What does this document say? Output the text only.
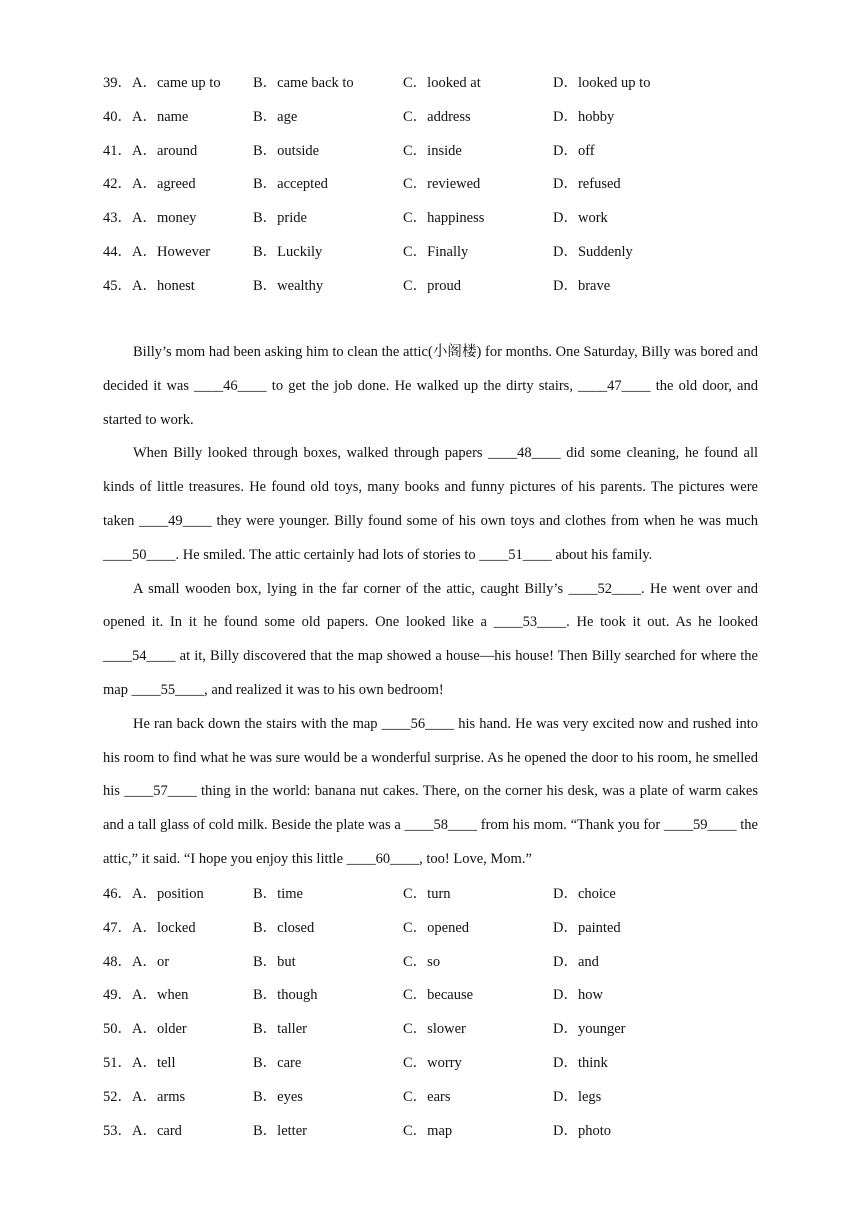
39．A．came up to B．came back to	C．looked at	D．looked up to
40．A．name	B．age	C．address	D．hobby
41．A．around	B．outside	C．inside	D．off
42．A．agreed	B．accepted	C．reviewed	D．refused
43．A．money	B．pride	C．happiness	D．work
44．A．However	B．Luckily	C．Finally	D．Suddenly
45．A．honest	B．wealthy	C．proud	D．brave

Billy’s mom had been asking him to clean the attic(小阁楼) for months. One Saturday, Billy was bored and decided it was ____46____ to get the job done. He walked up the dirty stairs, ____47____ the old door, and started to work.

When Billy looked through boxes, walked through papers ____48____ did some cleaning, he found all kinds of little treasures. He found old toys, many books and funny pictures of his parents. The pictures were taken ____49____ they were younger. Billy found some of his own toys and clothes from when he was much ____50____. He smiled. The attic certainly had lots of stories to ____51____ about his family.

A small wooden box, lying in the far corner of the attic, caught Billy’s ____52____. He went over and opened it. In it he found some old papers. One looked like a ____53____. He took it out. As he looked ____54____ at it, Billy discovered that the map showed a house—his house! Then Billy searched for where the map ____55____, and realized it was to his own bedroom!

He ran back down the stairs with the map ____56____ his hand. He was very excited now and rushed into his room to find what he was sure would be a wonderful surprise. As he opened the door to his room, he smelled his ____57____ thing in the world: banana nut cakes. There, on the corner his desk, was a plate of warm cakes and a tall glass of cold milk. Beside the plate was a ____58____ from his mom. “Thank you for ____59____ the attic,” it said. “I hope you enjoy this little ____60____, too! Love, Mom.”

46．A．position	B．time	C．turn	D．choice
47．A．locked	B．closed	C．opened	D．painted
48．A．or	B．but	C．so	D．and
49．A．when	B．though	C．because	D．how
50．A．older	B．taller	C．slower	D．younger
51．A．tell	B．care	C．worry	D．think
52．A．arms	B．eyes	C．ears	D．legs
53．A．card	B．letter	C．map	D．photo
